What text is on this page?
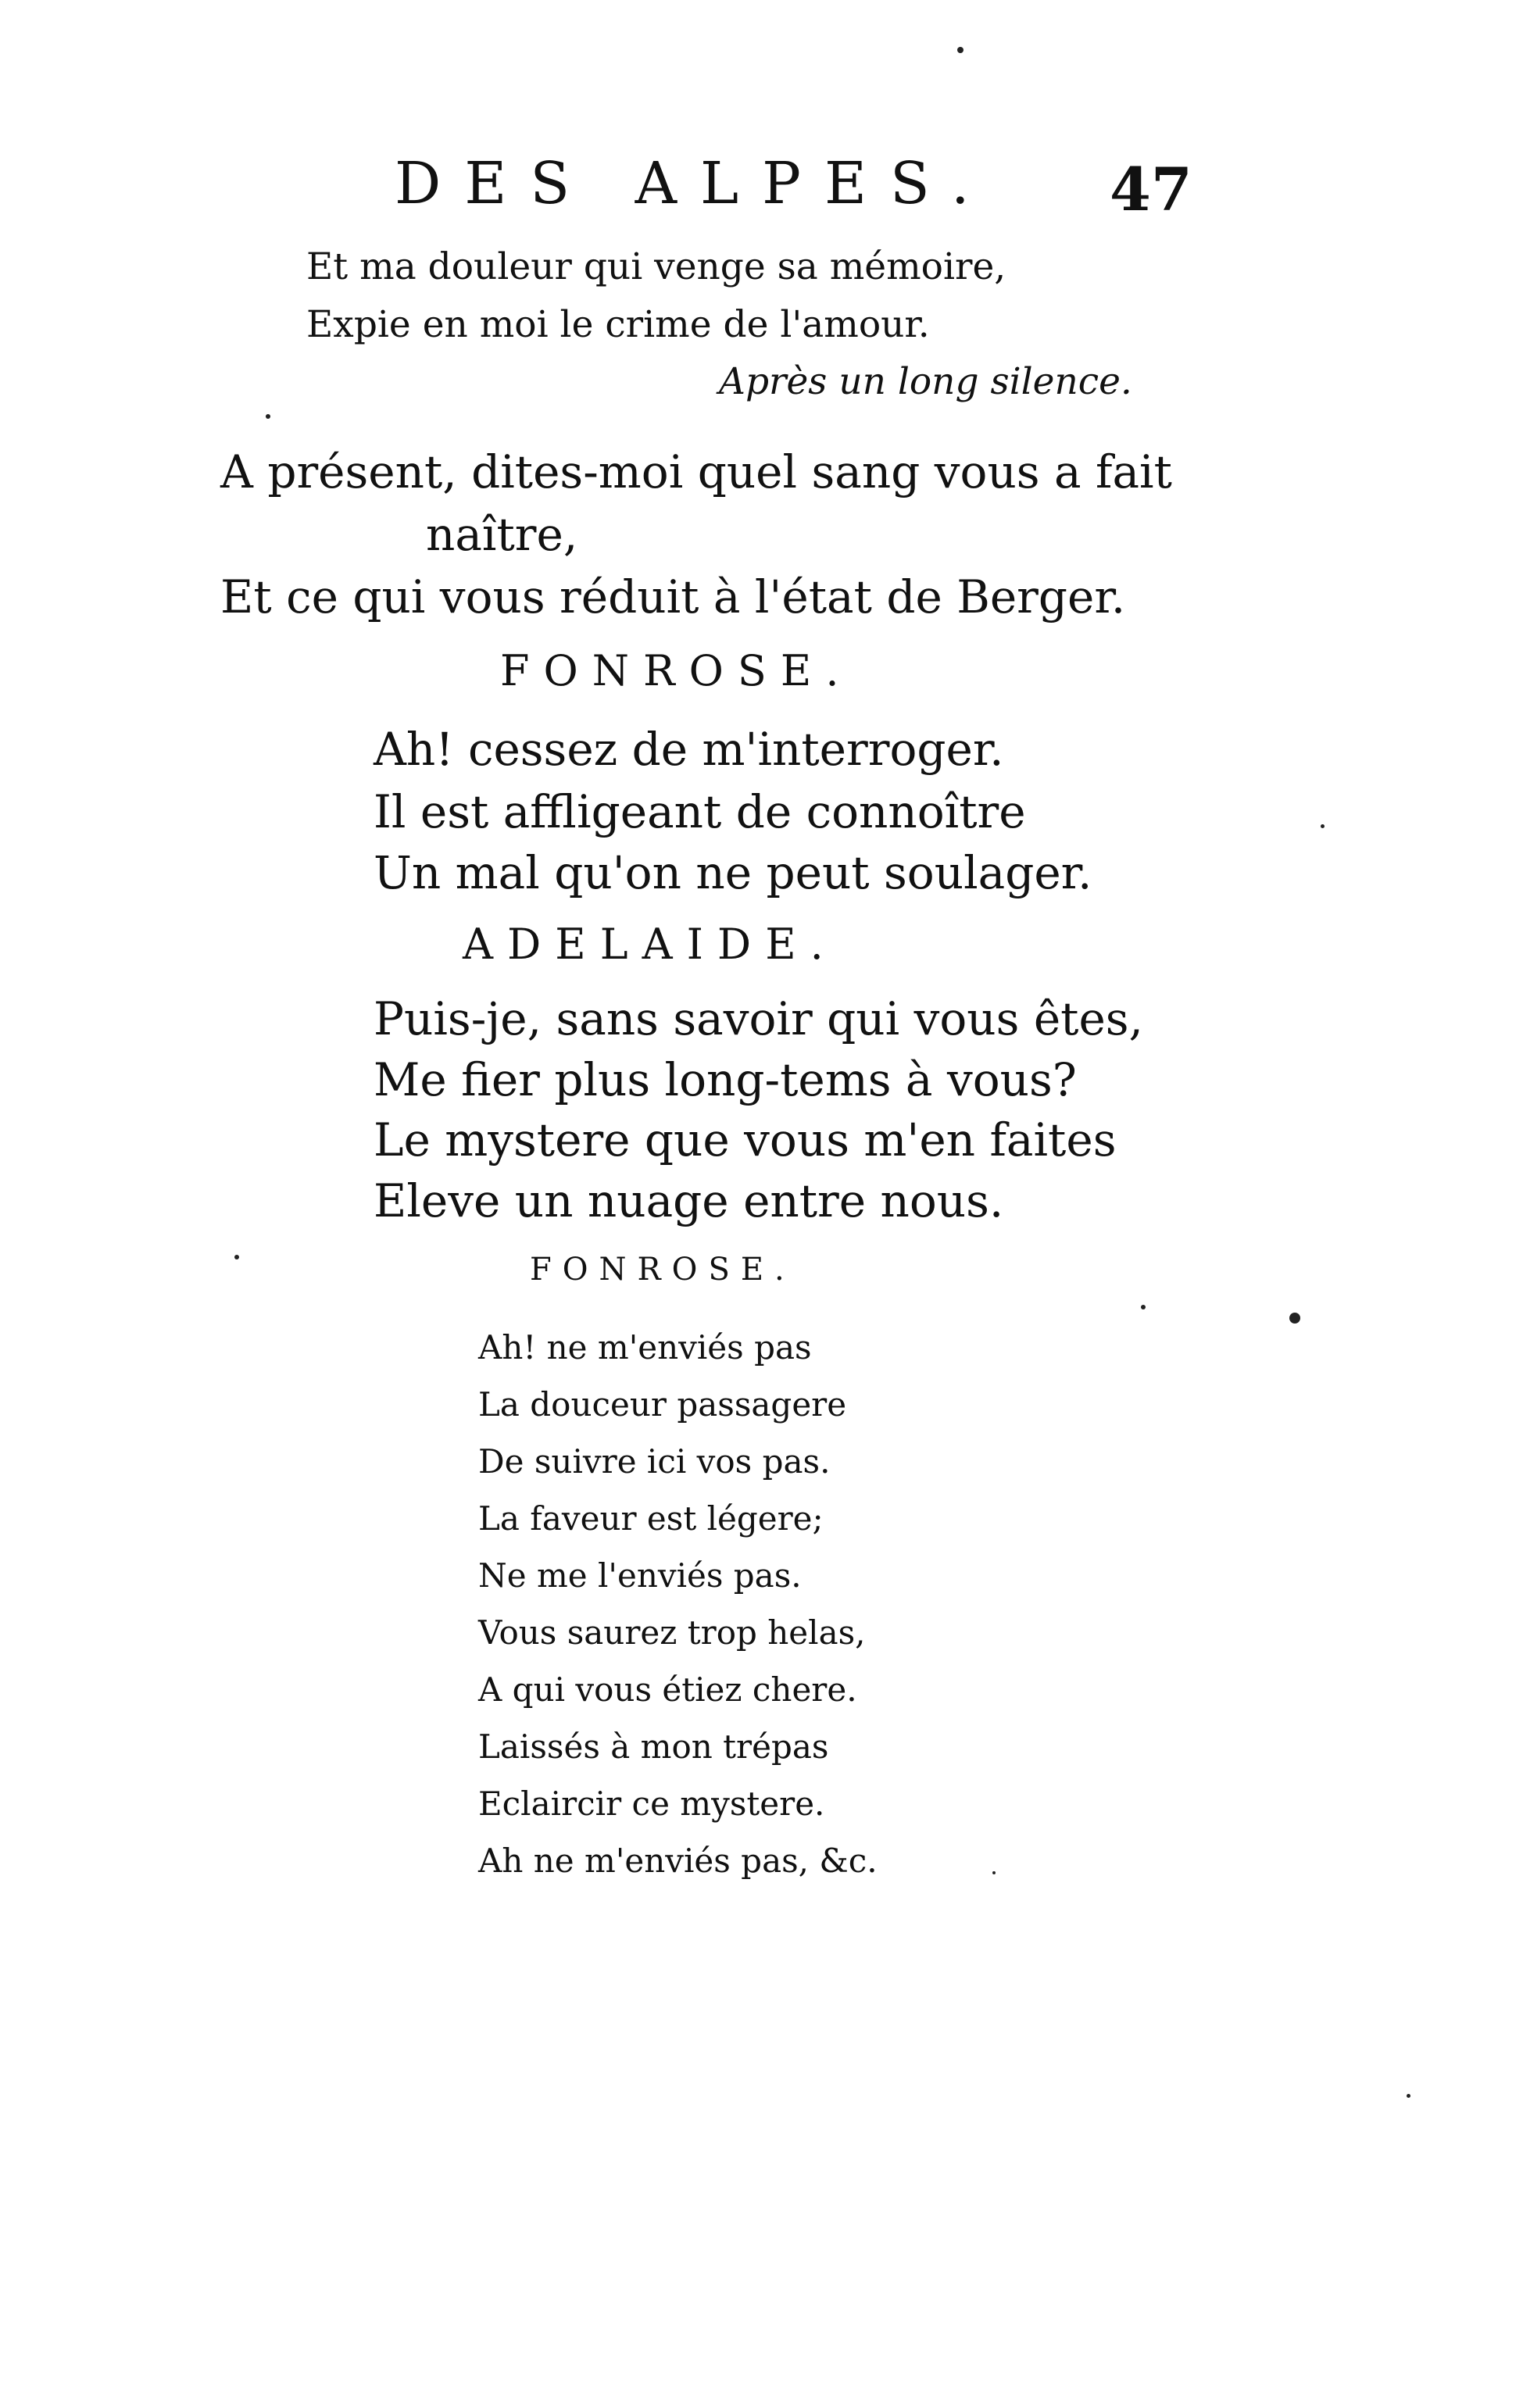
DES ALPES. 47
Et ma douleur qui venge sa mémoire,
Expie en moi le crime de l'amour.
Après un long silence.
A présent, dites-moi quel sang vous a fait
naître,
Et ce qui vous réduit à l'état de Berger.
FONROSE.
Ah! cessez de m'interroger.
Il est affligeant de connoître
Un mal qu'on ne peut soulager.
ADELAIDE.
Puis-je, sans savoir qui vous êtes,
Me fier plus long-tems à vous?
Le mystere que vous m'en faites
Eleve un nuage entre nous.
FONROSE.
Ah! ne m'enviés pas
La douceur passagere
De suivre ici vos pas.
La faveur est légere;
Ne me l'enviés pas.
Vous saurez trop helas,
A qui vous étiez chere.
Laissés à mon trépas
Eclaircir ce mystere.
Ah ne m'enviés pas, &c.
